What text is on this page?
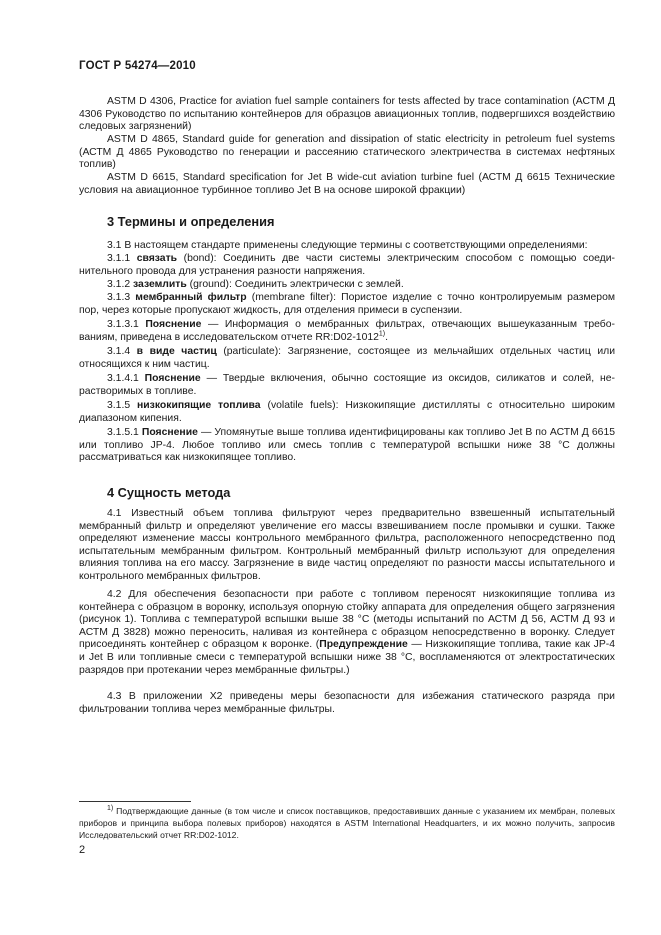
ГОСТ Р 54274—2010

ASTM D 4306, Practice for aviation fuel sample containers for tests affected by trace contamination (АСТМ Д 4306 Руководство по испытанию контейнеров для образцов авиационных топлив, подвергшихся воздействию следовых загрязнений)

ASTM D 4865, Standard guide for generation and dissipation of static electricity in petroleum fuel systems (АСТМ Д 4865 Руководство по генерации и рассеянию статического электричества в системах нефтяных топлив)

ASTM D 6615, Standard specification for Jet B wide-cut aviation turbine fuel (АСТМ Д 6615 Технические условия на авиационное турбинное топливо Jet B на основе широкой фракции)

3 Термины и определения

3.1 В настоящем стандарте применены следующие термины с соответствующими определениями:

3.1.1 связать (bond): Соединить две части системы электрическим способом с помощью соединительного провода для устранения разности напряжения.

3.1.2 заземлить (ground): Соединить электрически с землей.

3.1.3 мембранный фильтр (membrane filter): Пористое изделие с точно контролируемым размером пор, через которые пропускают жидкость, для отделения примеси в суспензии.

3.1.3.1 Пояснение — Информация о мембранных фильтрах, отвечающих вышеуказанным требованиям, приведена в исследовательском отчете RR:D02-1012$^{1)}$.

3.1.4 в виде частиц (particulate): Загрязнение, состоящее из мельчайших отдельных частиц или относящихся к ним частиц.

3.1.4.1 Пояснение — Твердые включения, обычно состоящие из оксидов, силикатов и солей, нерастворимых в топливе.

3.1.5 низкокипящие топлива (volatile fuels): Низкокипящие дистилляты с относительно широким диапазоном кипения.

3.1.5.1 Пояснение — Упомянутые выше топлива идентифицированы как топливо Jet B по АСТМ Д 6615 или топливо JP-4. Любое топливо или смесь топлив с температурой вспышки ниже 38 °C должны рассматриваться как низкокипящее топливо.

4 Сущность метода

4.1 Известный объем топлива фильтруют через предварительно взвешенный испытательный мембранный фильтр и определяют увеличение его массы взвешиванием после промывки и сушки. Также определяют изменение массы контрольного мембранного фильтра, расположенного непосредственно под испытательным мембранным фильтром. Контрольный мембранный фильтр используют для определения влияния топлива на его массу. Загрязнение в виде частиц определяют по разности массы испытательного и контрольного мембранных фильтров.

4.2 Для обеспечения безопасности при работе с топливом переносят низкокипящие топлива из контейнера с образцом в воронку, используя опорную стойку аппарата для определения общего загрязнения (рисунок 1). Топлива с температурой вспышки выше 38 °C (методы испытаний по АСТМ Д 56, АСТМ Д 93 и АСТМ Д 3828) можно переносить, наливая из контейнера с образцом непосредственно в воронку. Следует присоединять контейнер с образцом к воронке. (Предупреждение — Низкокипящие топлива, такие как JP-4 и Jet B или топливные смеси с температурой вспышки ниже 38 °C, воспламеняются от электростатических разрядов при протекании через мембранные фильтры.)

4.3 В приложении X2 приведены меры безопасности для избежания статического разряда при фильтровании топлива через мембранные фильтры.

$^{1)}$ Подтверждающие данные (в том числе и список поставщиков, предоставивших данные с указанием их мембран, полевых приборов и принципа выбора полевых приборов) находятся в ASTM International Headquarters, и их можно получить, запросив Исследовательский отчет RR:D02-1012.

2
